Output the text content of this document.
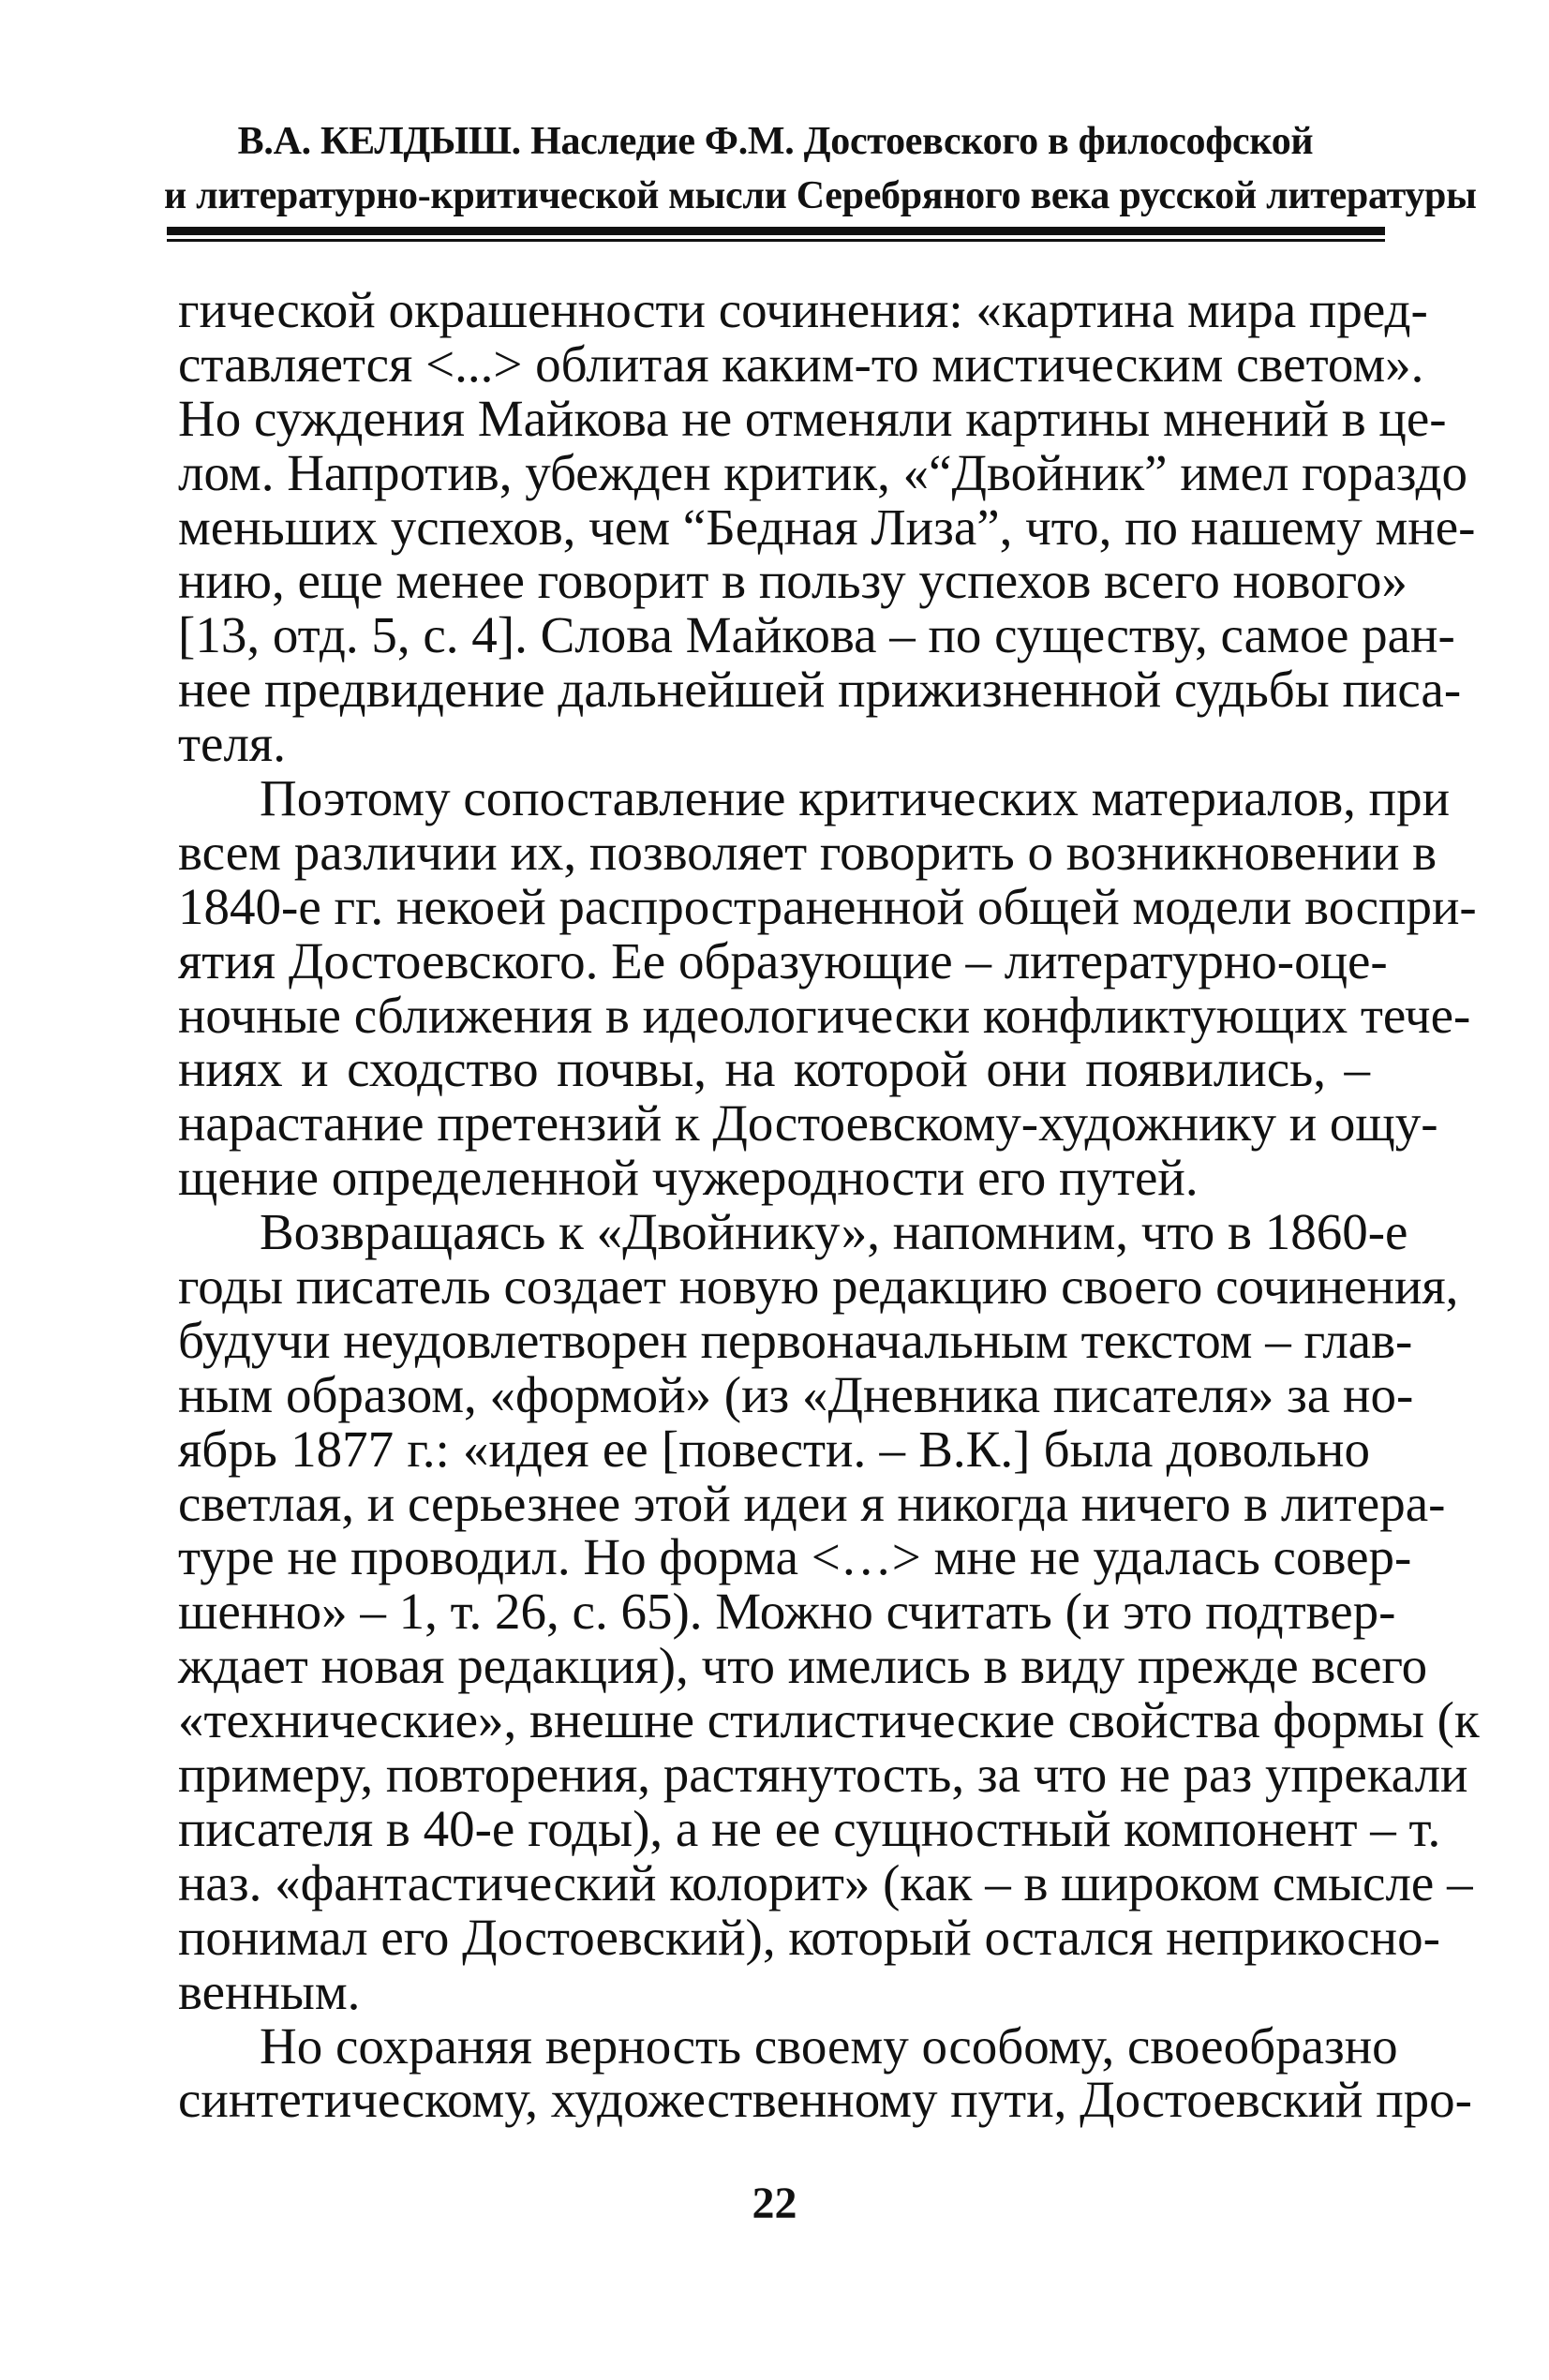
В.А. КЕЛДЫШ. Наследие Ф.М. Достоевского в философской
и литературно-критической мысли Серебряного века русской литературы
гической окрашенности сочинения: «картина мира пред-
ставляется <...> облитая каким-то мистическим светом».
Но суждения Майкова не отменяли картины мнений в це-
лом. Напротив, убежден критик, «“Двойник” имел гораздо
меньших успехов, чем “Бедная Лиза”, что, по нашему мне-
нию, еще менее говорит в пользу успехов всего нового»
[13, отд. 5, с. 4]. Слова Майкова – по существу, самое ран-
нее предвидение дальнейшей прижизненной судьбы писа-
теля.
Поэтому сопоставление критических материалов, при
всем различии их, позволяет говорить о возникновении в
1840-е гг. некоей распространенной общей модели воспри-
ятия Достоевского. Ее образующие – литературно-оце-
ночные сближения в идеологически конфликтующих тече-
ниях и сходство почвы, на которой они появились, –
нарастание претензий к Достоевскому-художнику и ощу-
щение определенной чужеродности его путей.
Возвращаясь к «Двойнику», напомним, что в 1860-е
годы писатель создает новую редакцию своего сочинения,
будучи неудовлетворен первоначальным текстом – глав-
ным образом, «формой» (из «Дневника писателя» за но-
ябрь 1877 г.: «идея ее [повести. – В.К.] была довольно
светлая, и серьезнее этой идеи я никогда ничего в литера-
туре не проводил. Но форма <…> мне не удалась совер-
шенно» – 1, т. 26, с. 65). Можно считать (и это подтвер-
ждает новая редакция), что имелись в виду прежде всего
«технические», внешне стилистические свойства формы (к
примеру, повторения, растянутость, за что не раз упрекали
писателя в 40-е годы), а не ее сущностный компонент – т.
наз. «фантастический колорит» (как – в широком смысле –
понимал его Достоевский), который остался неприкосно-
венным.
Но сохраняя верность своему особому, своеобразно
синтетическому, художественному пути, Достоевский про-
22
